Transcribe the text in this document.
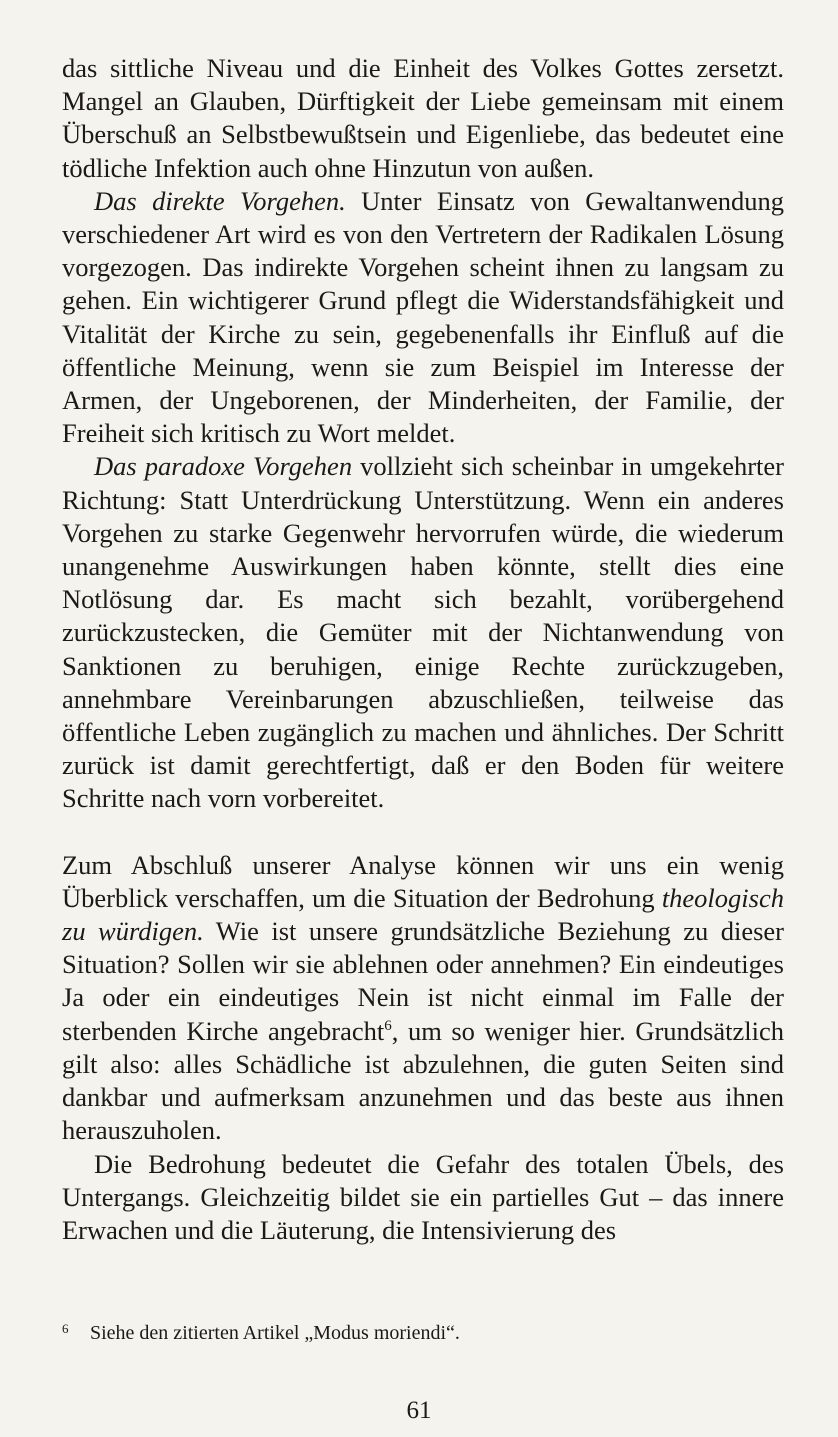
das sittliche Niveau und die Einheit des Volkes Gottes zersetzt. Mangel an Glauben, Dürftigkeit der Liebe gemeinsam mit einem Überschuß an Selbstbewußtsein und Eigenliebe, das bedeutet eine tödliche Infektion auch ohne Hinzutun von außen.

Das direkte Vorgehen. Unter Einsatz von Gewaltanwendung verschiedener Art wird es von den Vertretern der Radikalen Lösung vorgezogen. Das indirekte Vorgehen scheint ihnen zu langsam zu gehen. Ein wichtigerer Grund pflegt die Widerstandsfähigkeit und Vitalität der Kirche zu sein, gegebenenfalls ihr Einfluß auf die öffentliche Meinung, wenn sie zum Beispiel im Interesse der Armen, der Ungeborenen, der Minderheiten, der Familie, der Freiheit sich kritisch zu Wort meldet.

Das paradoxe Vorgehen vollzieht sich scheinbar in umgekehrter Richtung: Statt Unterdrückung Unterstützung. Wenn ein anderes Vorgehen zu starke Gegenwehr hervorrufen würde, die wiederum unangenehme Auswirkungen haben könnte, stellt dies eine Notlösung dar. Es macht sich bezahlt, vorübergehend zurückzustecken, die Gemüter mit der Nichtanwendung von Sanktionen zu beruhigen, einige Rechte zurückzugeben, annehmbare Vereinbarungen abzuschließen, teilweise das öffentliche Leben zugänglich zu machen und ähnliches. Der Schritt zurück ist damit gerechtfertigt, daß er den Boden für weitere Schritte nach vorn vorbereitet.

Zum Abschluß unserer Analyse können wir uns ein wenig Überblick verschaffen, um die Situation der Bedrohung theologisch zu würdigen. Wie ist unsere grundsätzliche Beziehung zu dieser Situation? Sollen wir sie ablehnen oder annehmen? Ein eindeutiges Ja oder ein eindeutiges Nein ist nicht einmal im Falle der sterbenden Kirche angebracht$^6$, um so weniger hier. Grundsätzlich gilt also: alles Schädliche ist abzulehnen, die guten Seiten sind dankbar und aufmerksam anzunehmen und das beste aus ihnen herauszuholen.

Die Bedrohung bedeutet die Gefahr des totalen Übels, des Untergangs. Gleichzeitig bildet sie ein partielles Gut – das innere Erwachen und die Läuterung, die Intensivierung des

6 Siehe den zitierten Artikel „Modus moriendi“.
61
